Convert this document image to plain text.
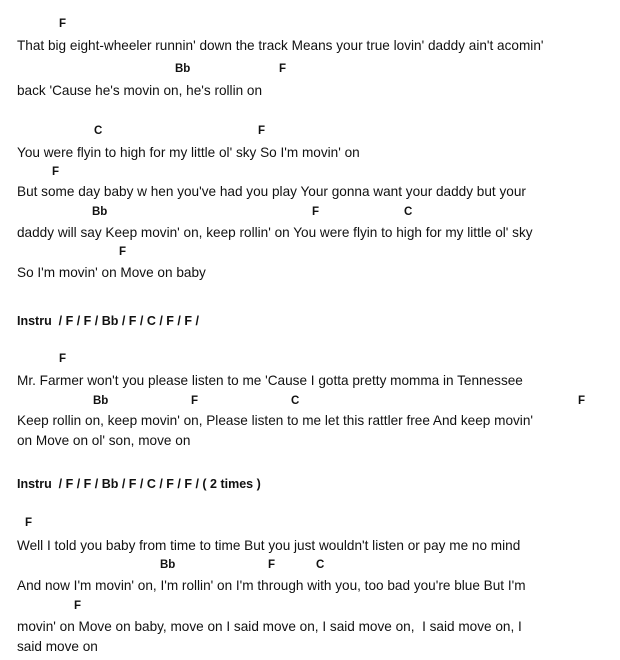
F
That big eight-wheeler runnin' down the track Means your true lovin' daddy ain't acomin'
Bb	F
back 'Cause he's movin on, he's rollin on
C	F
You were flyin to high for my little ol' sky So I'm movin' on
F
But some day baby w hen you've had you play Your gonna want your daddy but your
Bb	F
daddy will say Keep movin' on, keep rollin' on You were flyin to high for my little ol' sky
C
F
So I'm movin' on Move on baby
Instru  / F / F / Bb / F / C / F / F /
F
Mr. Farmer won't you please listen to me 'Cause I gotta pretty momma in Tennessee
Bb	F	C	F
Keep rollin on, keep movin' on, Please listen to me let this rattler free And keep movin'
on Move on ol' son, move on
Instru  / F / F / Bb / F / C / F / F / ( 2 times )
F
Well I told you baby from time to time But you just wouldn't listen or pay me no mind
Bb	F	C
And now I'm movin' on, I'm rollin' on I'm through with you, too bad you're blue But I'm
F
movin' on Move on baby, move on I said move on, I said move on,  I said move on, I
said move on
